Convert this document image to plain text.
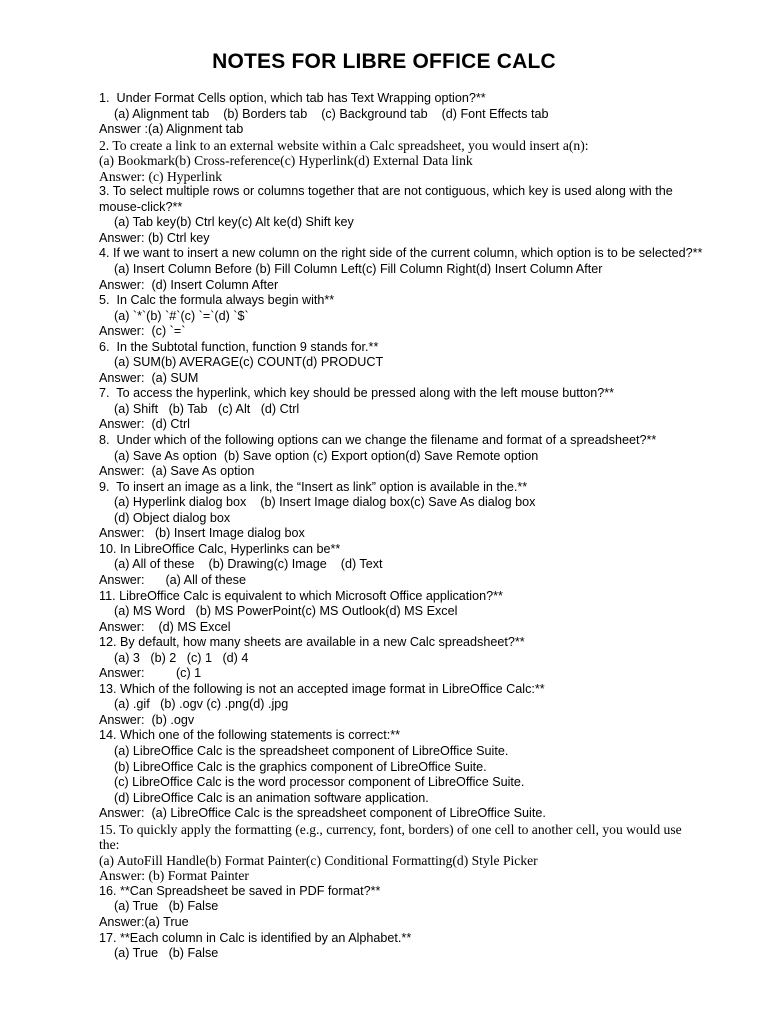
NOTES FOR LIBRE OFFICE CALC
1.  Under Format Cells option, which tab has Text Wrapping option?**
(a) Alignment tab    (b) Borders tab    (c) Background tab    (d) Font Effects tab
Answer :(a) Alignment tab
2. To create a link to an external website within a Calc spreadsheet, you would insert a(n):
(a) Bookmark(b) Cross-reference(c) Hyperlink(d) External Data link
Answer: (c) Hyperlink
3. To select multiple rows or columns together that are not contiguous, which key is used along with the mouse-click?**
(a) Tab key(b) Ctrl key(c) Alt ke(d) Shift key
Answer: (b) Ctrl key
4. If we want to insert a new column on the right side of the current column, which option is to be selected?**
(a) Insert Column Before (b) Fill Column Left(c) Fill Column Right(d) Insert Column After
Answer:  (d) Insert Column After
5.  In Calc the formula always begin with**
(a) `*`(b) `#`(c) `=`(d) `$`
Answer:  (c) `=`
6.  In the Subtotal function, function 9 stands for.**
(a) SUM(b) AVERAGE(c) COUNT(d) PRODUCT
Answer:  (a) SUM
7.  To access the hyperlink, which key should be pressed along with the left mouse button?**
(a) Shift   (b) Tab   (c) Alt   (d) Ctrl
Answer:  (d) Ctrl
8.  Under which of the following options can we change the filename and format of a spreadsheet?**
(a) Save As option  (b) Save option (c) Export option(d) Save Remote option
Answer:  (a) Save As option
9.  To insert an image as a link, the “Insert as link” option is available in the.**
(a) Hyperlink dialog box    (b) Insert Image dialog box(c) Save As dialog box
(d) Object dialog box
Answer:   (b) Insert Image dialog box
10. In LibreOffice Calc, Hyperlinks can be**
(a) All of these    (b) Drawing(c) Image    (d) Text
Answer:      (a) All of these
11. LibreOffice Calc is equivalent to which Microsoft Office application?**
(a) MS Word   (b) MS PowerPoint(c) MS Outlook(d) MS Excel
Answer:    (d) MS Excel
12. By default, how many sheets are available in a new Calc spreadsheet?**
(a) 3   (b) 2   (c) 1   (d) 4
Answer:         (c) 1
13. Which of the following is not an accepted image format in LibreOffice Calc:**
(a) .gif   (b) .ogv (c) .png(d) .jpg
Answer:  (b) .ogv
14. Which one of the following statements is correct:**
(a) LibreOffice Calc is the spreadsheet component of LibreOffice Suite.
(b) LibreOffice Calc is the graphics component of LibreOffice Suite.
(c) LibreOffice Calc is the word processor component of LibreOffice Suite.
(d) LibreOffice Calc is an animation software application.
Answer:  (a) LibreOffice Calc is the spreadsheet component of LibreOffice Suite.
15. To quickly apply the formatting (e.g., currency, font, borders) of one cell to another cell, you would use the:
(a) AutoFill Handle(b) Format Painter(c) Conditional Formatting(d) Style Picker
Answer: (b) Format Painter
16. **Can Spreadsheet be saved in PDF format?**
(a) True   (b) False
Answer:(a) True
17. **Each column in Calc is identified by an Alphabet.**
(a) True   (b) False
